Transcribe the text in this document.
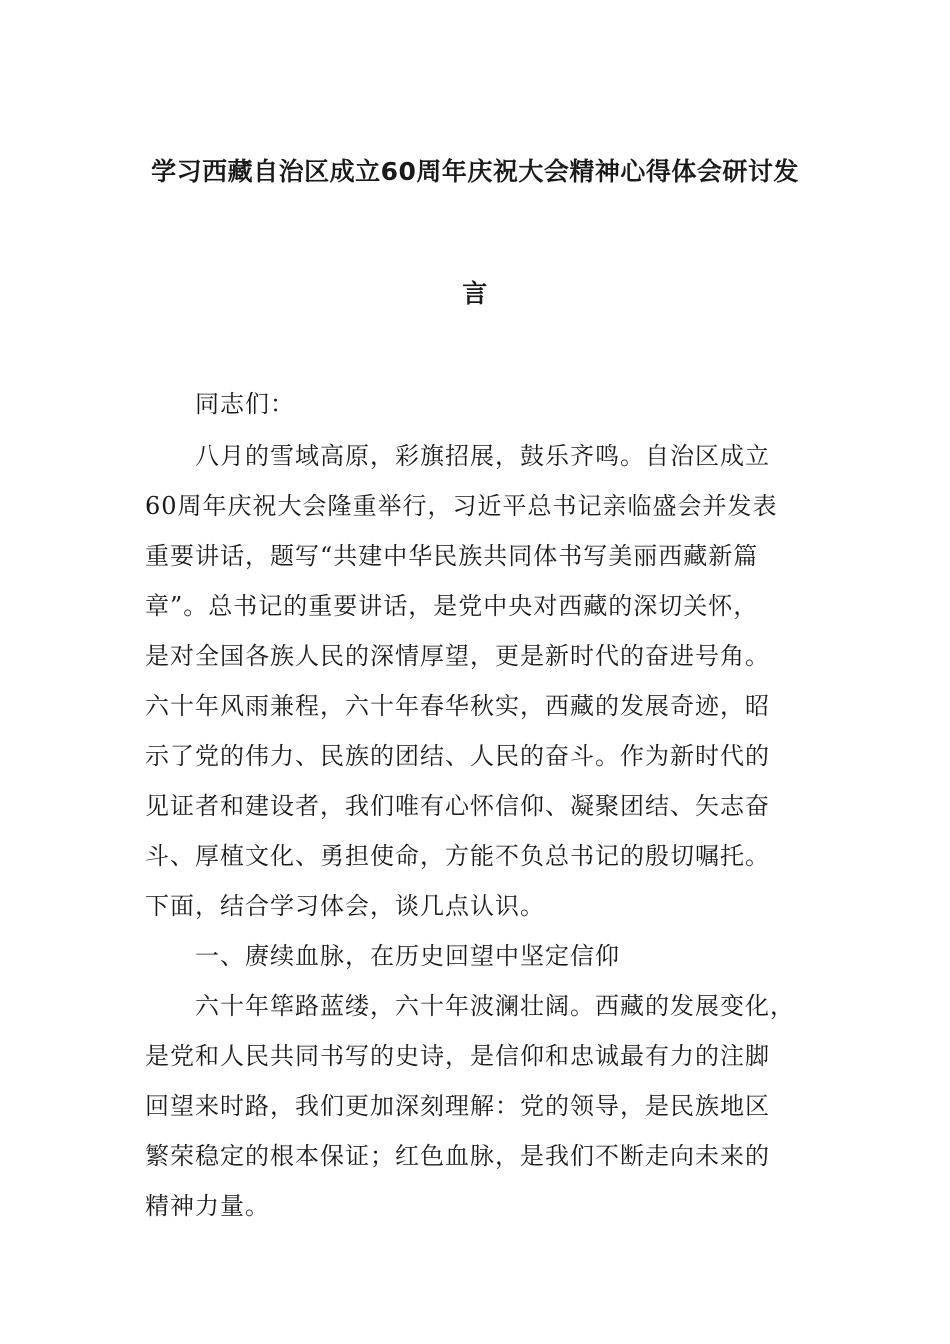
学习西藏自治区成立60周年庆祝大会精神心得体会研讨发
言
　　同志们：
　　八月的雪域高原，彩旗招展，鼓乐齐鸣。自治区成立
60周年庆祝大会隆重举行，习近平总书记亲临盛会并发表
重要讲话，题写“共建中华民族共同体书写美丽西藏新篇
章”。总书记的重要讲话，是党中央对西藏的深切关怀，
是对全国各族人民的深情厚望，更是新时代的奋进号角。
六十年风雨兼程，六十年春华秋实，西藏的发展奇迹，昭
示了党的伟力、民族的团结、人民的奋斗。作为新时代的
见证者和建设者，我们唯有心怀信仰、凝聚团结、矢志奋
斗、厚植文化、勇担使命，方能不负总书记的殷切嘱托。
下面，结合学习体会，谈几点认识。
　　一、赓续血脉，在历史回望中坚定信仰
　　六十年筚路蓝缕，六十年波澜壮阔。西藏的发展变化，
是党和人民共同书写的史诗，是信仰和忠诚最有力的注脚
回望来时路，我们更加深刻理解：党的领导，是民族地区
繁荣稳定的根本保证；红色血脉，是我们不断走向未来的
精神力量。
